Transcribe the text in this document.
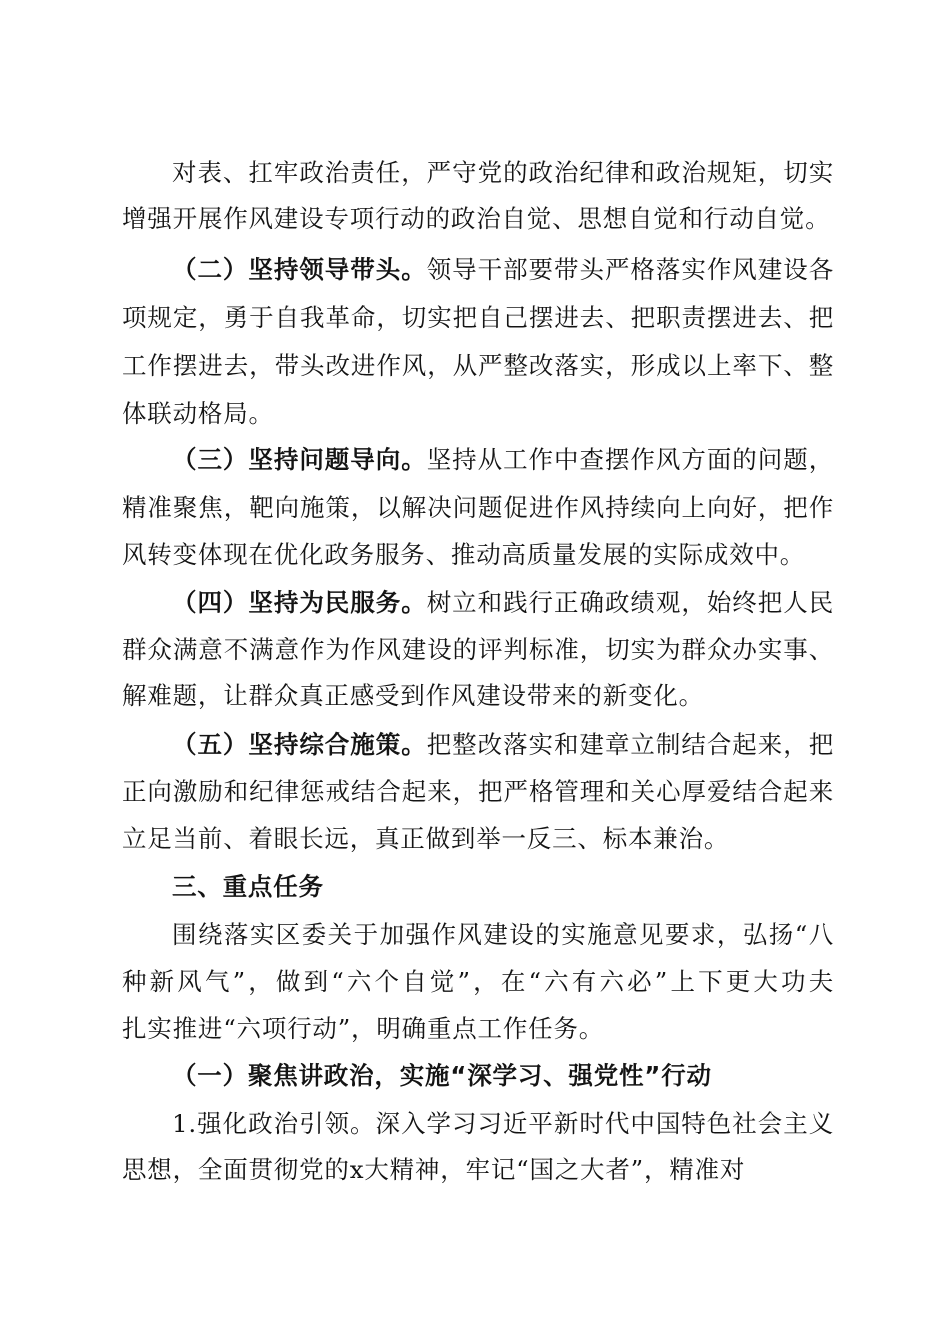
对表、扛牢政治责任，严守党的政治纪律和政治规矩，切实
增强开展作风建设专项行动的政治自觉、思想自觉和行动自觉。
（二）坚持领导带头。领导干部要带头严格落实作风建设各
项规定，勇于自我革命，切实把自己摆进去、把职责摆进去、把
工作摆进去，带头改进作风，从严整改落实，形成以上率下、整
体联动格局。
（三）坚持问题导向。坚持从工作中查摆作风方面的问题，
精准聚焦，靶向施策，以解决问题促进作风持续向上向好，把作
风转变体现在优化政务服务、推动高质量发展的实际成效中。
（四）坚持为民服务。树立和践行正确政绩观，始终把人民
群众满意不满意作为作风建设的评判标准，切实为群众办实事、
解难题，让群众真正感受到作风建设带来的新变化。
（五）坚持综合施策。把整改落实和建章立制结合起来，把
正向激励和纪律惩戒结合起来，把严格管理和关心厚爱结合起来
立足当前、着眼长远，真正做到举一反三、标本兼治。
三、重点任务
围绕落实区委关于加强作风建设的实施意见要求，弘扬“八
种新风气”，做到“六个自觉”，在“六有六必”上下更大功夫
扎实推进“六项行动”，明确重点工作任务。
（一）聚焦讲政治，实施“深学习、强党性”行动
1.强化政治引领。深入学习习近平新时代中国特色社会主义
思想，全面贯彻党的x大精神，牢记“国之大者”，精准对
